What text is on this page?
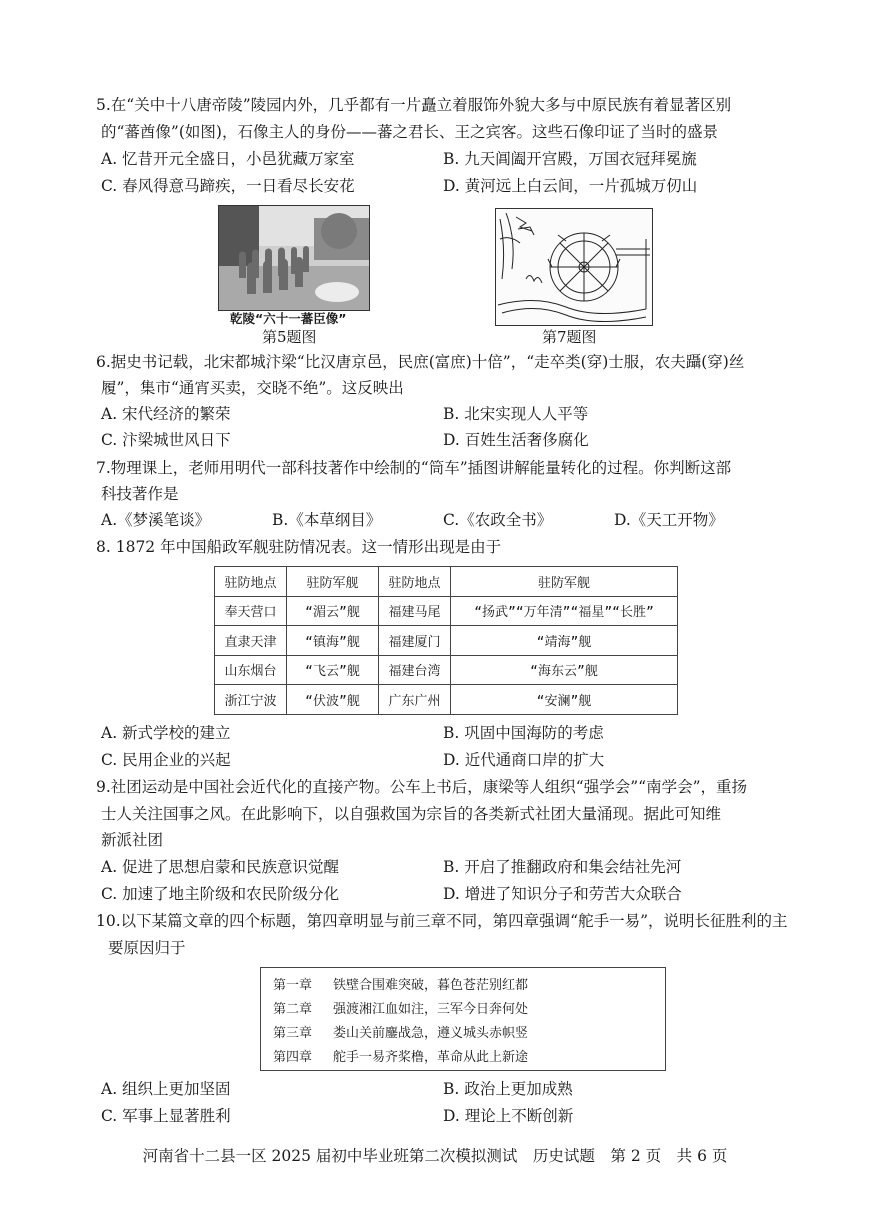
5.在“关中十八唐帝陵”陵园内外，几乎都有一片矗立着服饰外貌大多与中原民族有着显著区别
的“蕃酋像”(如图)，石像主人的身份——蕃之君长、王之宾客。这些石像印证了当时的盛景
A. 忆昔开元全盛日，小邑犹藏万家室	B. 九天阊阖开宫殿，万国衣冠拜冕旒
C. 春风得意马蹄疾，一日看尽长安花	D. 黄河远上白云间，一片孤城万仞山
乾陵“六十一蕃臣像”
第5题图	第7题图
6.据史书记载，北宋都城汴梁“比汉唐京邑，民庶(富庶)十倍”，“走卒类(穿)士服，农夫躡(穿)丝
履”，集市“通宵买卖，交晓不绝”。这反映出
A. 宋代经济的繁荣	B. 北宋实现人人平等
C. 汴梁城世风日下	D. 百姓生活奢侈腐化
7.物理课上，老师用明代一部科技著作中绘制的“筒车”插图讲解能量转化的过程。你判断这部
科技著作是
A.《梦溪笔谈》	B.《本草纲目》	C.《农政全书》	D.《天工开物》
8. 1872 年中国船政军舰驻防情况表。这一情形出现是由于
驻防地点	驻防军舰	驻防地点	驻防军舰
奉天营口	“湄云”舰	福建马尾	“扬武”“万年清”“福星”“长胜”
直隶天津	“镇海”舰	福建厦门	“靖海”舰
山东烟台	“飞云”舰	福建台湾	“海东云”舰
浙江宁波	“伏波”舰	广东广州	“安澜”舰
A. 新式学校的建立	B. 巩固中国海防的考虑
C. 民用企业的兴起	D. 近代通商口岸的扩大
9.社团运动是中国社会近代化的直接产物。公车上书后，康梁等人组织“强学会”“南学会”，重扬
士人关注国事之风。在此影响下，以自强救国为宗旨的各类新式社团大量涌现。据此可知维
新派社团
A. 促进了思想启蒙和民族意识觉醒	B. 开启了推翻政府和集会结社先河
C. 加速了地主阶级和农民阶级分化	D. 增进了知识分子和劳苦大众联合
10.以下某篇文章的四个标题，第四章明显与前三章不同，第四章强调“舵手一易”，说明长征胜利的主
要原因归于
第一章 铁壁合围难突破，暮色苍茫别红都
第二章 强渡湘江血如注，三军今日奔何处
第三章 娄山关前鏖战急，遵义城头赤帜竖
第四章 舵手一易齐桨橹，革命从此上新途
A. 组织上更加坚固	B. 政治上更加成熟
C. 军事上显著胜利	D. 理论上不断创新
河南省十二县一区 2025 届初中毕业班第二次模拟测试　历史试题　第 2 页　共 6 页
